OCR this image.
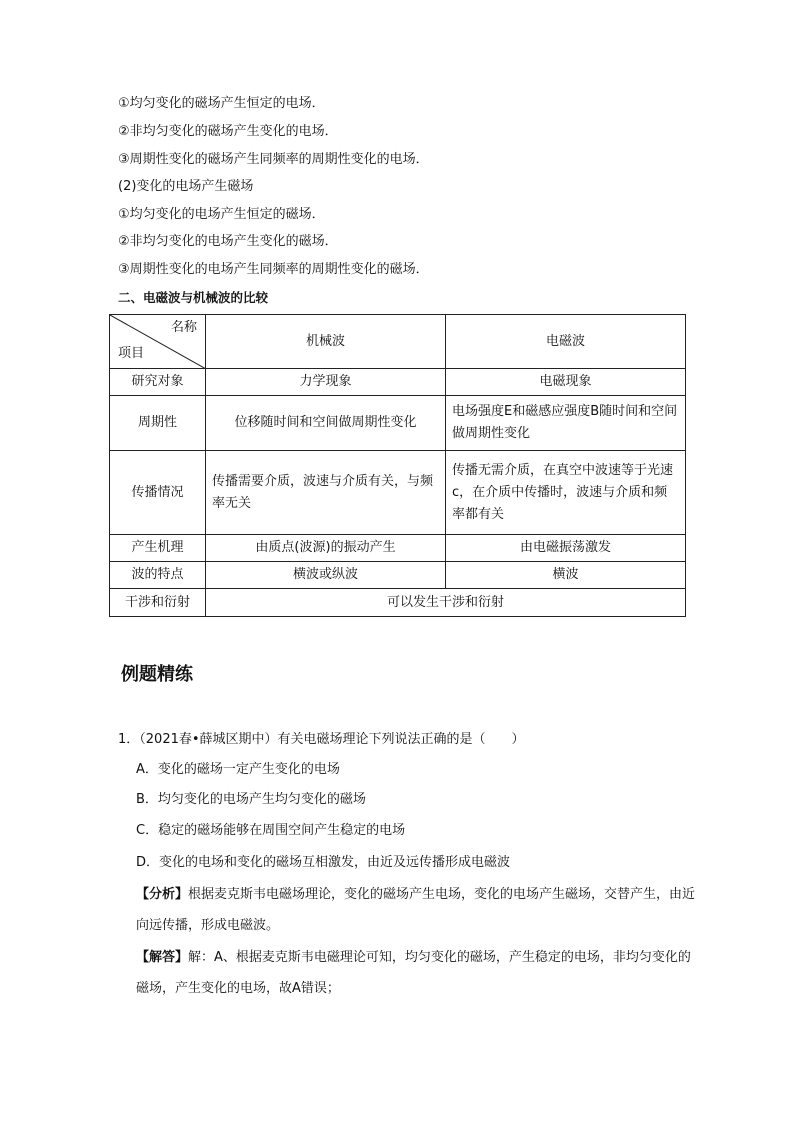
①均匀变化的磁场产生恒定的电场．
②非均匀变化的磁场产生变化的电场．
③周期性变化的磁场产生同频率的周期性变化的电场．
(2)变化的电场产生磁场
①均匀变化的电场产生恒定的磁场．
②非均匀变化的电场产生变化的磁场．
③周期性变化的电场产生同频率的周期性变化的磁场．
二、电磁波与机械波的比较
名称
项目	机械波	电磁波
研究对象	力学现象	电磁现象
周期性	位移随时间和空间做周期性变化	电场强度E和磁感应强度B随时间和空间做周期性变化
传播情况	传播需要介质，波速与介质有关，与频率无关	传播无需介质，在真空中波速等于光速c，在介质中传播时，波速与介质和频率都有关
产生机理	由质点(波源)的振动产生	由电磁振荡激发
波的特点	横波或纵波	横波
干涉和衍射	可以发生干涉和衍射	
例题精练
1．（2021春•薛城区期中）有关电磁场理论下列说法正确的是（　　）
A．变化的磁场一定产生变化的电场
B．均匀变化的电场产生均匀变化的磁场
C．稳定的磁场能够在周围空间产生稳定的电场
D．变化的电场和变化的磁场互相激发，由近及远传播形成电磁波
【分析】根据麦克斯韦电磁场理论，变化的磁场产生电场，变化的电场产生磁场，交替产生，由近向远传播，形成电磁波。
【解答】解：A、根据麦克斯韦电磁理论可知，均匀变化的磁场，产生稳定的电场，非均匀变化的磁场，产生变化的电场，故A错误；
